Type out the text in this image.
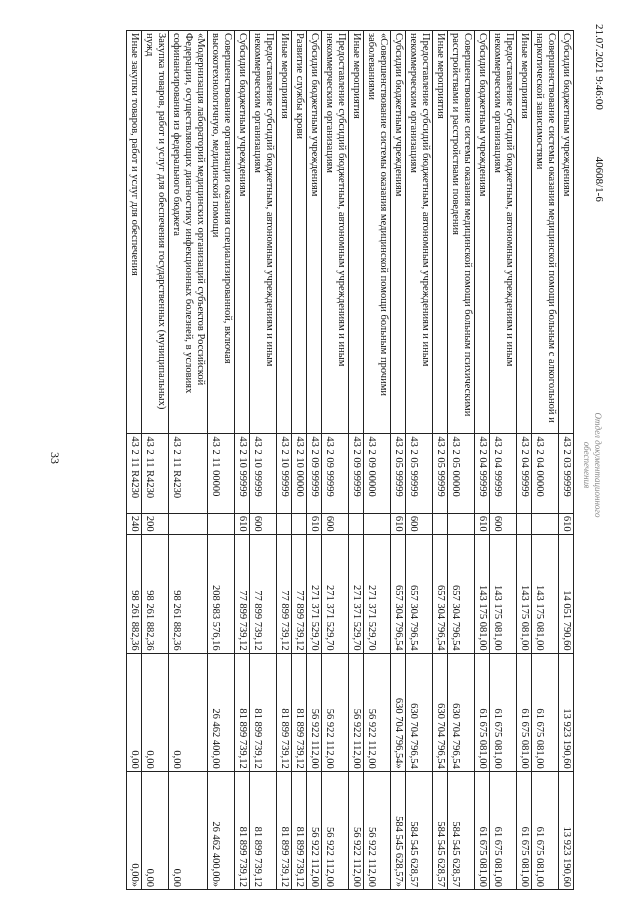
33
21.07.2021 9:46:00 40608/1-6
Отдел документационного
обеспечения
Субсидии бюджетным учреждениям	43 2 03 99999	610	14 051 790,60	13 923 190,60	13 923 190,60
Совершенствование системы оказания медицинской помощи больным с алкогольной и наркотической зависимостями	43 2 04 00000		143 175 081,00	61 675 081,00	61 675 081,00
Иные мероприятия	43 2 04 99999		143 175 081,00	61 675 081,00	61 675 081,00
Предоставление субсидий бюджетным, автономным учреждениям и иным некоммерческим организациям	43 2 04 99999	600	143 175 081,00	61 675 081,00	61 675 081,00
Субсидии бюджетным учреждениям	43 2 04 99999	610	143 175 081,00	61 675 081,00	61 675 081,00
Совершенствование системы оказания медицинской помощи больным психическими расстройствами и расстройствами поведения	43 2 05 00000		657 304 796,54	630 704 796,54	584 545 628,57
Иные мероприятия	43 2 05 99999		657 304 796,54	630 704 796,54	584 545 628,57
Предоставление субсидий бюджетным, автономным учреждениям и иным некоммерческим организациям	43 2 05 99999	600	657 304 796,54	630 704 796,54	584 545 628,57
Субсидии бюджетным учреждениям	43 2 05 99999	610	657 304 796,54	630 704 796,54»	584 545 628,57»
«Совершенствование системы оказания медицинской помощи больным прочими заболеваниями	43 2 09 00000		271 371 529,70	56 922 112,00	56 922 112,00
Иные мероприятия	43 2 09 99999		271 371 529,70	56 922 112,00	56 922 112,00
Предоставление субсидий бюджетным, автономным учреждениям и иным некоммерческим организациям	43 2 09 99999	600	271 371 529,70	56 922 112,00	56 922 112,00
Субсидии бюджетным учреждениям	43 2 09 99999	610	271 371 529,70	56 922 112,00	56 922 112,00
Развитие службы крови	43 2 10 00000		77 899 739,12	81 899 739,12	81 899 739,12
Иные мероприятия	43 2 10 99999		77 899 739,12	81 899 739,12	81 899 739,12
Предоставление субсидий бюджетным, автономным учреждениям и иным некоммерческим организациям	43 2 10 99999	600	77 899 739,12	81 899 739,12	81 899 739,12
Субсидии бюджетным учреждениям	43 2 10 99999	610	77 899 739,12	81 899 739,12	81 899 739,12
Совершенствование организации оказания специализированной, включая высокотехнологичную, медицинской помощи	43 2 11 00000		208 983 576,16	26 462 400,00	26 462 400,00»
«Модернизация лабораторий медицинских организаций субъектов Российской Федерации, осуществляющих диагностику инфекционных болезней, в условиях софинансирования из федерального бюджета	43 2 11 R4230		98 261 882,36	0,00	0,00
Закупка товаров, работ и услуг для обеспечения государственных (муниципальных) нужд	43 2 11 R4230	200	98 261 882,36	0,00	0,00
Иные закупки товаров, работ и услуг для обеспечения	43 2 11 R4230	240	98 261 882,36	0,00	0,00»
